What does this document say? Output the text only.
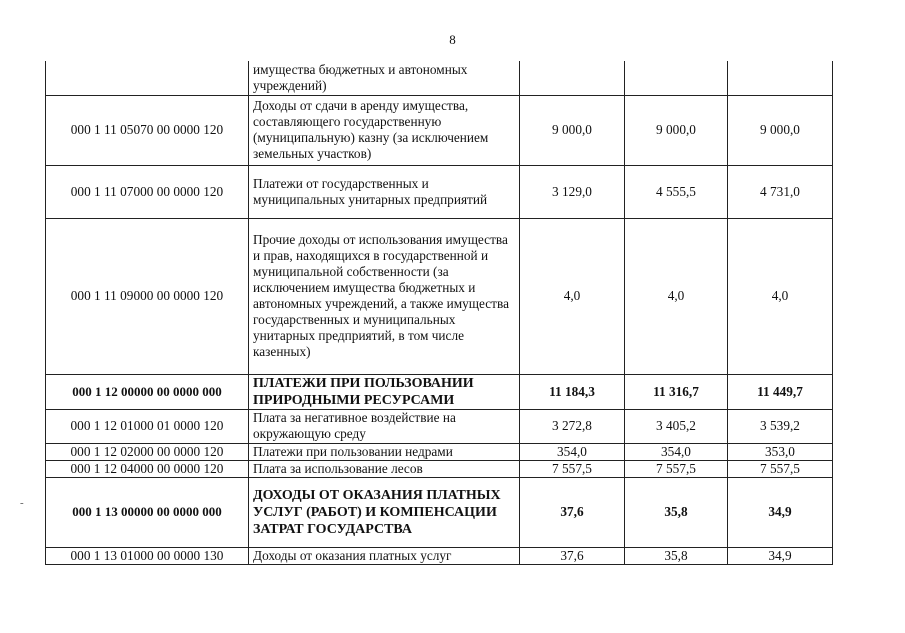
8
-
	имущества бюджетных и автономных учреждений)			
000 1 11 05070 00 0000 120	Доходы от сдачи в аренду имущества, составляющего государственную (муниципальную) казну (за исключением земельных участков)	9 000,0	9 000,0	9 000,0
000 1 11 07000 00 0000 120	Платежи от государственных и муниципальных унитарных предприятий	3 129,0	4 555,5	4 731,0
000 1 11 09000 00 0000 120	Прочие доходы от использования имущества и прав, находящихся в государственной и муниципальной собственности (за исключением имущества бюджетных и автономных учреждений, а также имущества государственных и муниципальных унитарных предприятий, в том числе казенных)	4,0	4,0	4,0
000 1 12 00000 00 0000 000	ПЛАТЕЖИ ПРИ ПОЛЬЗОВАНИИ ПРИРОДНЫМИ РЕСУРСАМИ	11 184,3	11 316,7	11 449,7
000 1 12 01000 01 0000 120	Плата за негативное воздействие на окружающую среду	3 272,8	3 405,2	3 539,2
000 1 12 02000 00 0000 120	Платежи при пользовании недрами	354,0	354,0	353,0
000 1 12 04000 00 0000 120	Плата за использование лесов	7 557,5	7 557,5	7 557,5
000 1 13 00000 00 0000 000	ДОХОДЫ ОТ ОКАЗАНИЯ ПЛАТНЫХ УСЛУГ (РАБОТ) И КОМПЕНСАЦИИ ЗАТРАТ ГОСУДАРСТВА	37,6	35,8	34,9
000 1 13 01000 00 0000 130	Доходы от оказания платных услуг	37,6	35,8	34,9
